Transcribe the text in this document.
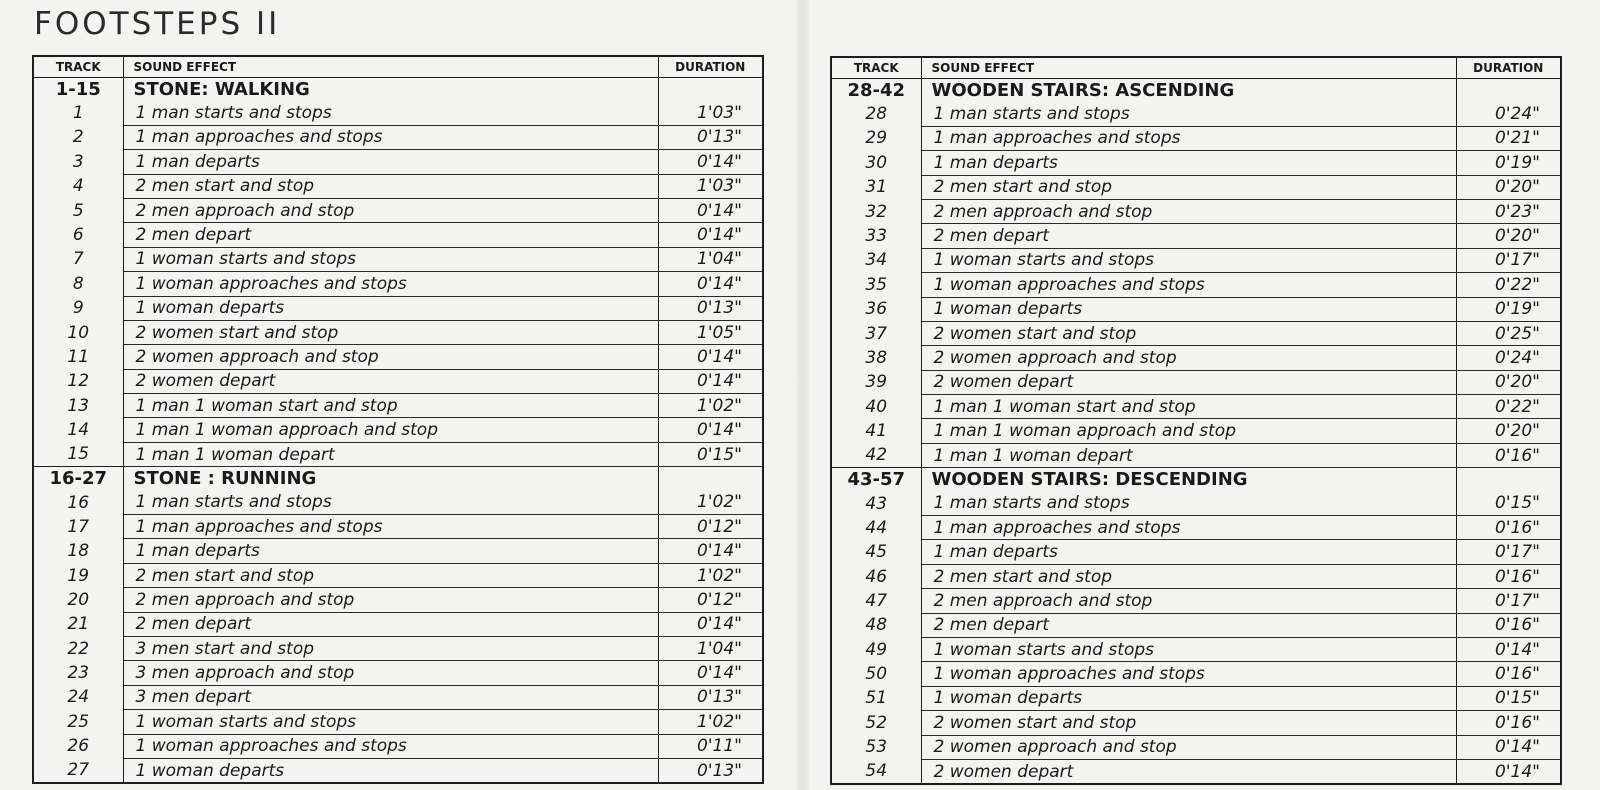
FOOTSTEPS II
TRACK	SOUND EFFECT	DURATION
1-15	STONE: WALKING	
1	1 man starts and stops	1'03"
2	1 man approaches and stops	0'13"
3	1 man departs	0'14"
4	2 men start and stop	1'03"
5	2 men approach and stop	0'14"
6	2 men depart	0'14"
7	1 woman starts and stops	1'04"
8	1 woman approaches and stops	0'14"
9	1 woman departs	0'13"
10	2 women start and stop	1'05"
11	2 women approach and stop	0'14"
12	2 women depart	0'14"
13	1 man 1 woman start and stop	1'02"
14	1 man 1 woman approach and stop	0'14"
15	1 man 1 woman depart	0'15"
16-27	STONE : RUNNING	
16	1 man starts and stops	1'02"
17	1 man approaches and stops	0'12"
18	1 man departs	0'14"
19	2 men start and stop	1'02"
20	2 men approach and stop	0'12"
21	2 men depart	0'14"
22	3 men start and stop	1'04"
23	3 men approach and stop	0'14"
24	3 men depart	0'13"
25	1 woman starts and stops	1'02"
26	1 woman approaches and stops	0'11"
27	1 woman departs	0'13"
TRACK	SOUND EFFECT	DURATION
28-42	WOODEN STAIRS: ASCENDING	
28	1 man starts and stops	0'24"
29	1 man approaches and stops	0'21"
30	1 man departs	0'19"
31	2 men start and stop	0'20"
32	2 men approach and stop	0'23"
33	2 men depart	0'20"
34	1 woman starts and stops	0'17"
35	1 woman approaches and stops	0'22"
36	1 woman departs	0'19"
37	2 women start and stop	0'25"
38	2 women approach and stop	0'24"
39	2 women depart	0'20"
40	1 man 1 woman start and stop	0'22"
41	1 man 1 woman approach and stop	0'20"
42	1 man 1 woman depart	0'16"
43-57	WOODEN STAIRS: DESCENDING	
43	1 man starts and stops	0'15"
44	1 man approaches and stops	0'16"
45	1 man departs	0'17"
46	2 men start and stop	0'16"
47	2 men approach and stop	0'17"
48	2 men depart	0'16"
49	1 woman starts and stops	0'14"
50	1 woman approaches and stops	0'16"
51	1 woman departs	0'15"
52	2 women start and stop	0'16"
53	2 women approach and stop	0'14"
54	2 women depart	0'14"
